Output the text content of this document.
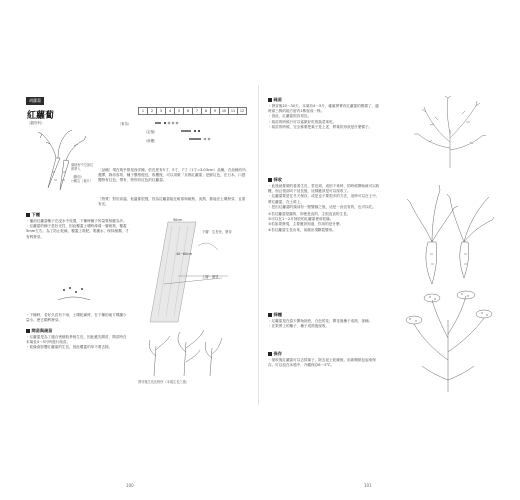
胡蘿蔔
紅蘿蔔
（繖形科）
葉柄有中空部位
即將入
（斷面）
○嫩尖（葉片）
1	2	3	4	5	6	7	8	9	10	11	12
（育苗）
（定植）
（收穫）
［品種］現在幾乎都是西洋種，依長度有5寸、5寸、7寸（1寸=3.03cm）品種，在品種有所選擇，栽培容易，種子價格便宜，收穫後，可以用做「京都紅蘿蔔」是鮮紅色，在日本，口感獨特有紅色，帶有，特別有紅色的紅蘿蔔。
［特質］對於高溫、低溫都很強，因為紅蘿蔔能在耐寒與耐熱，炎熱，都能在土壤發芽，且需有光。
下種
・播前紅蘿蔔種子在浸水中放置，下種時種子的量要相應為多。
・紅蘿蔔的種子是好光性，因此覆蓋土壤時薄薄一層就夠，覆蓋5mm左右。為了防止乾燥，覆蓋上堆肥。要灑水，保持濕潤，才有利發芽。
・下種時，若好久沒有下雨，土壤乾燥時，在下種的地方噴灑少量水，使它順利發芽。
90cm
40~60cm
下層：生長快、發芽
上層：發芽
間苗與疏苗
・紅蘿蔔是為了適合密植較爭相生長，因此應先間苗，間苗時在本葉長4～5片時進行疏苗。
・乾燥會影響紅蘿蔔的生長，因此覆蓋的草不要去除。
發芽後生長比較快（本葉生長之後）
100
疏苗
・發芽後20～30天，本葉有4～5片，確確實實有紅蘿蔔的模樣了，適時兩三株的地方留有1株留成一株。
・因此，紅蘿蔔很容易長。
・疏苗的時候只可以當做好吃的蔬菜來吃。
・疏苗的時候，完全都要把葉子是上述，將葉的形狀是什麼樣子。
採收
・此後就要做的看著生長，莖長到，成形下來時，的時候開始就可以收穫，而且根部向下延長後，這樣應該是可以採收了。
・紅蘿蔔要是在冬天保存，或是也不要很多的方法，這時可以在土中，將紅蘿蔔，在土堆上。
・挖出紅蘿蔔的頭部有一點變綠之後，這是一直沒有的，也可以吃。
①若紅蘿蔔是圓的，即使是直的，主根直直的生長。
②可以在1～2月採收的紅蘿蔔使用乾燥。
③若如果發現，主要應該知道，你用的是什麼。
④若紅蘿蔔生長出來，前端出現斷裂變形。
採種
・紅蘿蔔是在春天開始抽苔，白色的花，開花後種子成熟，採種。
・在果實上的種子，種子成熟後採收。
保存
・採收後紅蘿蔔可以去掉葉子，除去泥土乾燥後，用新聞紙包起來保存。可以放在冰箱中，冷藏保存6～5℃。
101
